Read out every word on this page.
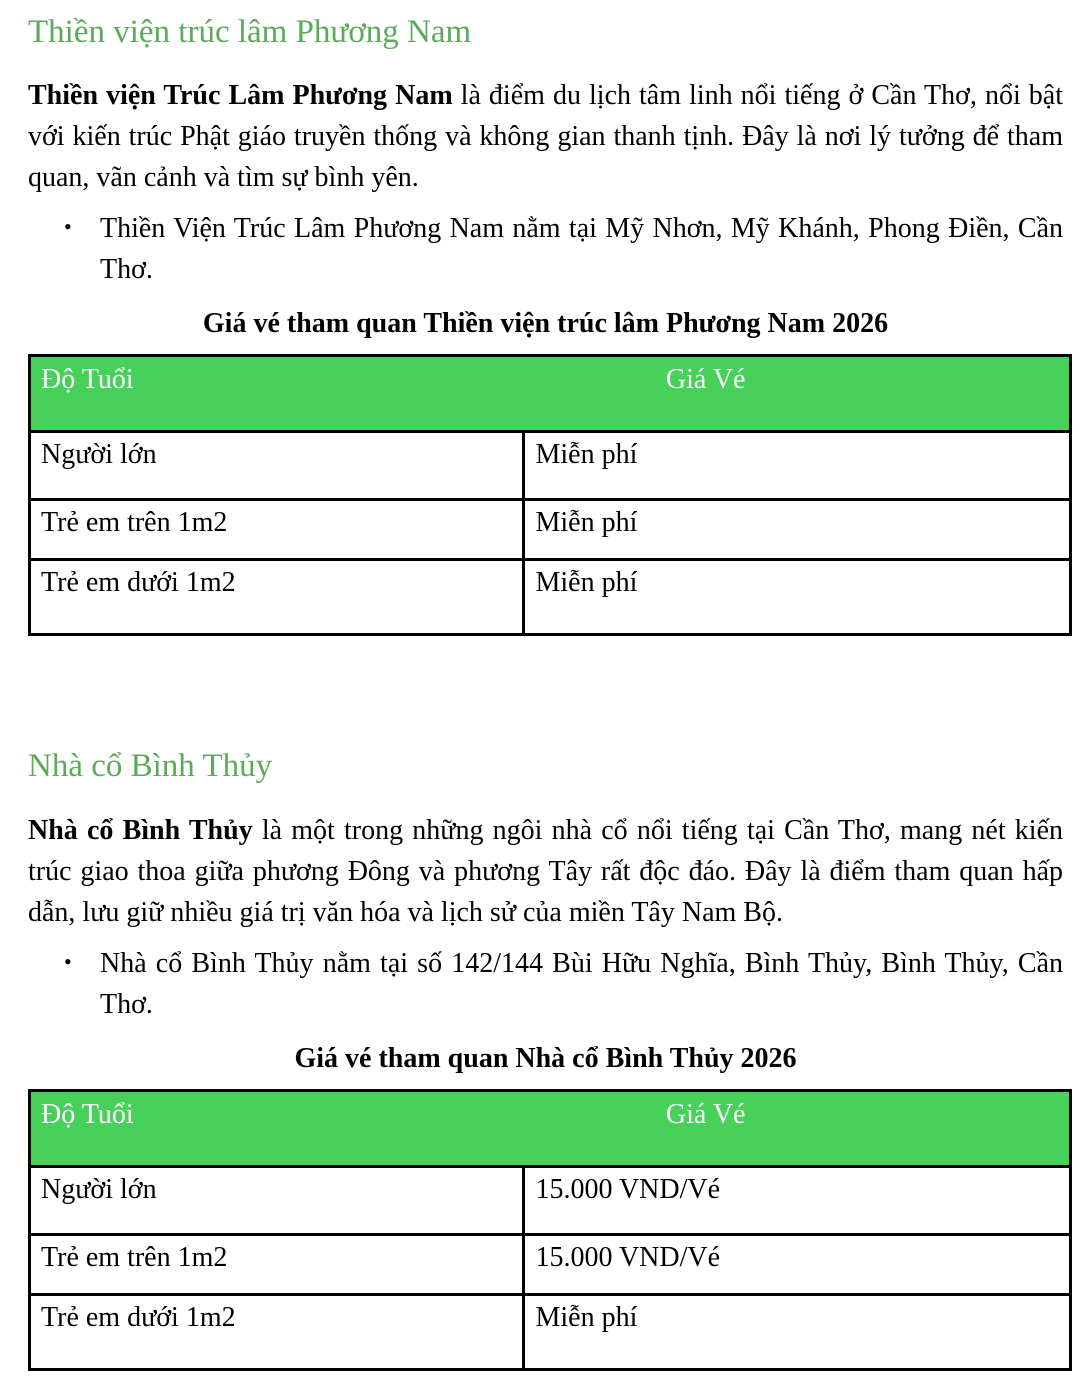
Thiền viện trúc lâm Phương Nam

Thiền viện Trúc Lâm Phương Nam là điểm du lịch tâm linh nổi tiếng ở Cần Thơ, nổi bật với kiến trúc Phật giáo truyền thống và không gian thanh tịnh. Đây là nơi lý tưởng để tham quan, vãn cảnh và tìm sự bình yên.

• Thiền Viện Trúc Lâm Phương Nam nằm tại Mỹ Nhơn, Mỹ Khánh, Phong Điền, Cần Thơ.
Giá vé tham quan Thiền viện trúc lâm Phương Nam 2026
Độ Tuổi Giá Vé	

Người lớn	Miễn phí
Trẻ em trên 1m2	Miễn phí
Trẻ em dưới 1m2	Miễn phí
Nhà cổ Bình Thủy

Nhà cổ Bình Thủy là một trong những ngôi nhà cổ nổi tiếng tại Cần Thơ, mang nét kiến trúc giao thoa giữa phương Đông và phương Tây rất độc đáo. Đây là điểm tham quan hấp dẫn, lưu giữ nhiều giá trị văn hóa và lịch sử của miền Tây Nam Bộ.

• Nhà cổ Bình Thủy nằm tại số 142/144 Bùi Hữu Nghĩa, Bình Thủy, Bình Thủy, Cần Thơ.
Giá vé tham quan Nhà cổ Bình Thủy 2026
Độ Tuổi Giá Vé	

Người lớn	15.000 VND/Vé
Trẻ em trên 1m2	15.000 VND/Vé
Trẻ em dưới 1m2	Miễn phí
